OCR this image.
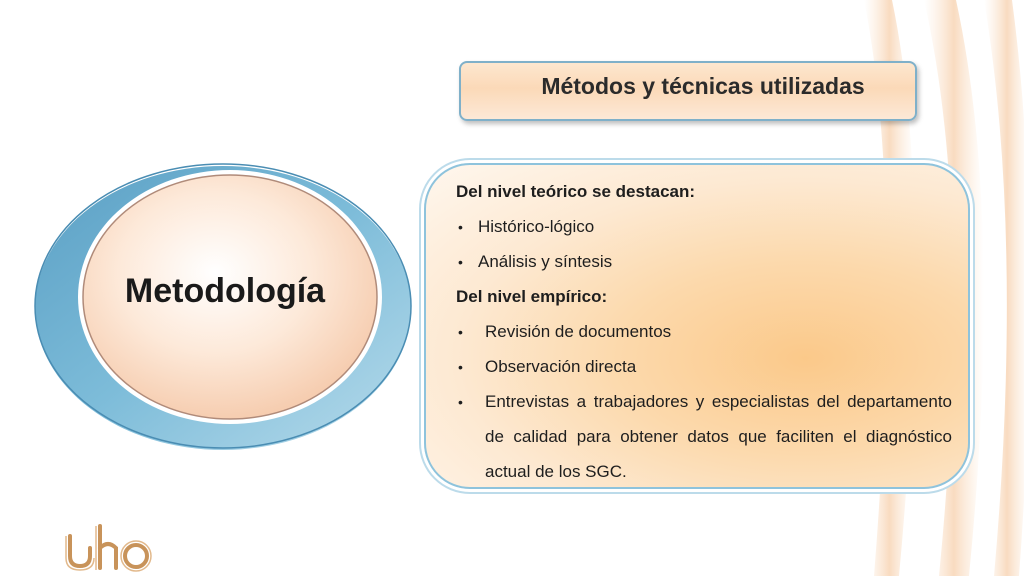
Métodos y técnicas utilizadas
Metodología
Del nivel teórico se destacan:
• Histórico-lógico
• Análisis y síntesis
Del nivel empírico:
• Revisión de documentos
• Observación directa
• Entrevistas a trabajadores y especialistas del departamento de calidad para obtener datos que faciliten el diagnóstico actual de los SGC.
